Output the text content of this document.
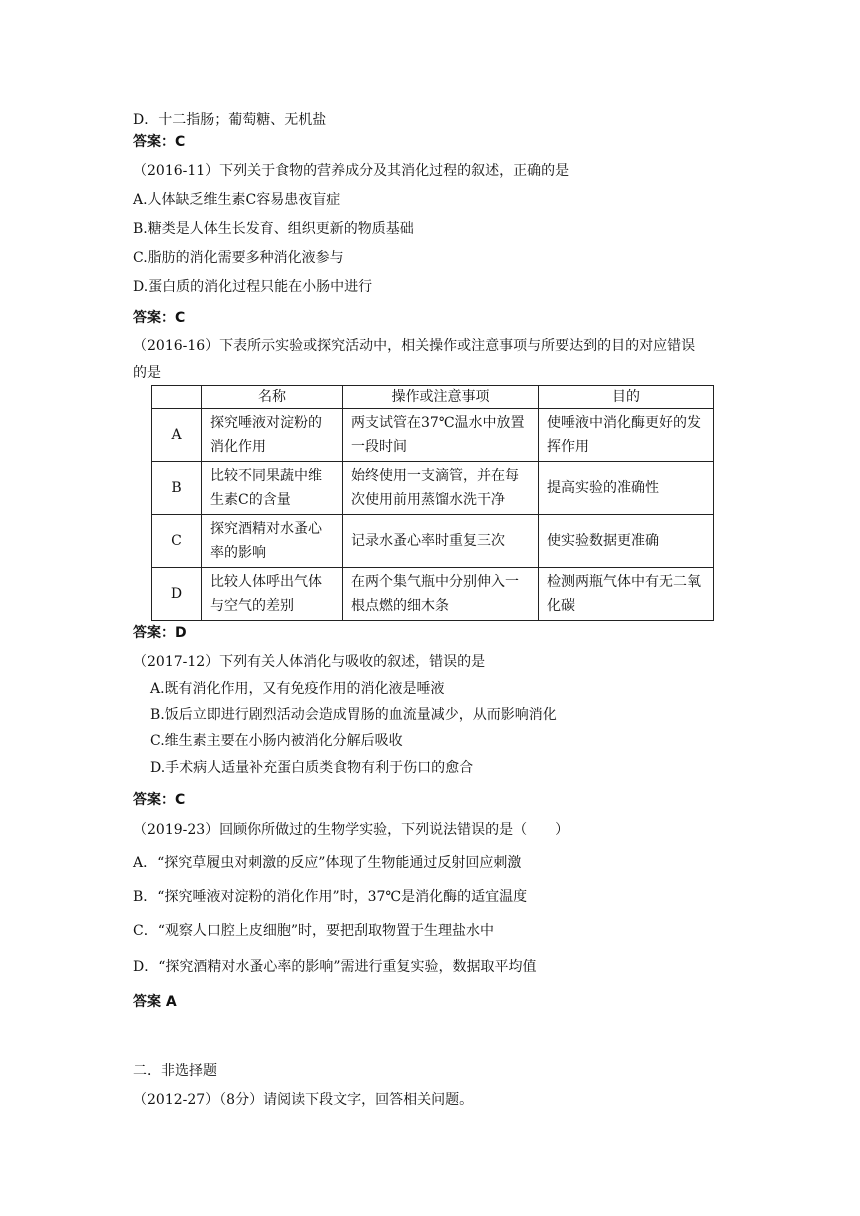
D．十二指肠；葡萄糖、无机盐
答案：C
（2016-11）下列关于食物的营养成分及其消化过程的叙述，正确的是
A.人体缺乏维生素C容易患夜盲症
B.糖类是人体生长发育、组织更新的物质基础
C.脂肪的消化需要多种消化液参与
D.蛋白质的消化过程只能在小肠中进行
答案：C
（2016-16）下表所示实验或探究活动中，相关操作或注意事项与所要达到的目的对应错误
的是
	名称	操作或注意事项	目的
A	探究唾液对淀粉的消化作用	两支试管在37℃温水中放置一段时间	使唾液中消化酶更好的发挥作用
B	比较不同果蔬中维生素C的含量	始终使用一支滴管，并在每次使用前用蒸馏水洗干净	提高实验的准确性
C	探究酒精对水蚤心率的影响	记录水蚤心率时重复三次	使实验数据更准确
D	比较人体呼出气体与空气的差别	在两个集气瓶中分别伸入一根点燃的细木条	检测两瓶气体中有无二氧化碳
答案：D
（2017-12）下列有关人体消化与吸收的叙述，错误的是
A.既有消化作用，又有免疫作用的消化液是唾液
B.饭后立即进行剧烈活动会造成胃肠的血流量减少，从而影响消化
C.维生素主要在小肠内被消化分解后吸收
D.手术病人适量补充蛋白质类食物有利于伤口的愈合
答案：C
（2019-23）回顾你所做过的生物学实验，下列说法错误的是（　　）
A．“探究草履虫对刺激的反应”体现了生物能通过反射回应刺激
B．“探究唾液对淀粉的消化作用”时，37℃是消化酶的适宜温度
C．“观察人口腔上皮细胞”时，要把刮取物置于生理盐水中
D．“探究酒精对水蚤心率的影响”需进行重复实验，数据取平均值
答案 A
二．非选择题
（2012-27）（8分）请阅读下段文字，回答相关问题。
